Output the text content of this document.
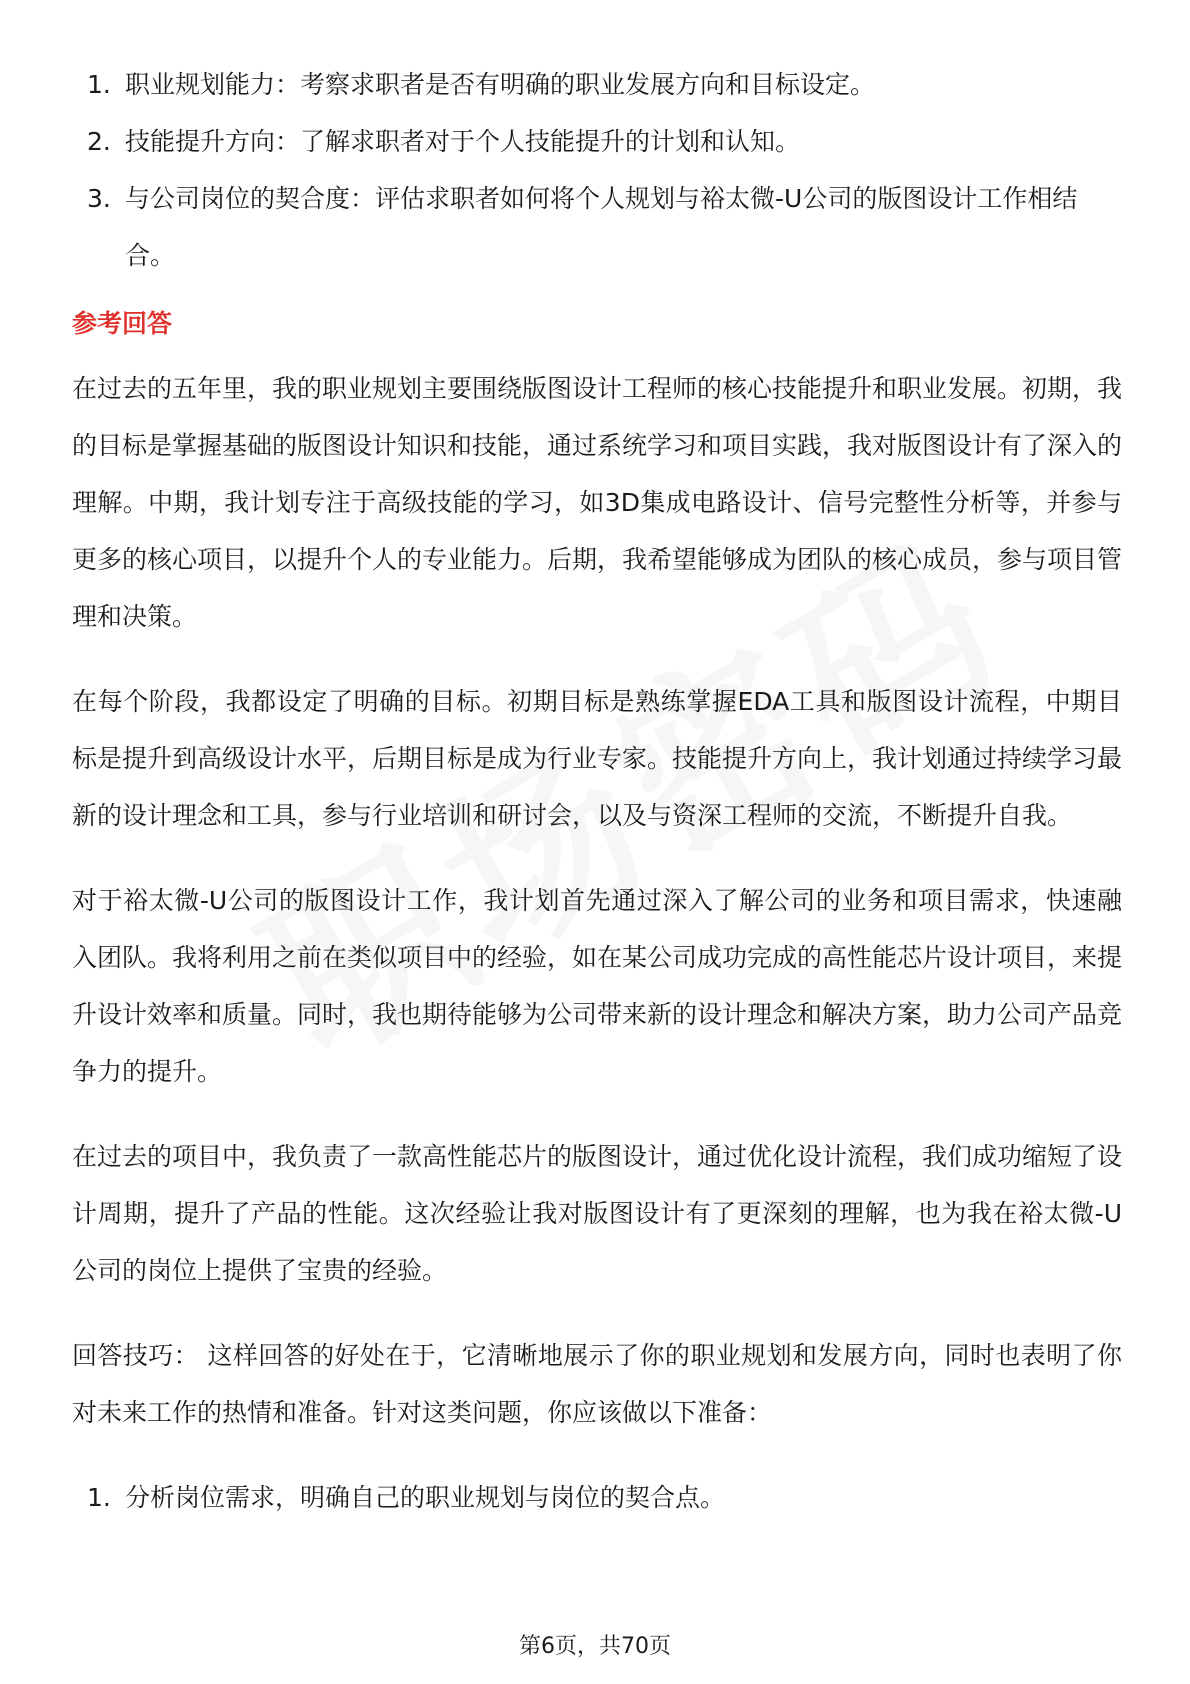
1. 职业规划能力：考察求职者是否有明确的职业发展方向和目标设定。
2. 技能提升方向：了解求职者对于个人技能提升的计划和认知。
3. 与公司岗位的契合度：评估求职者如何将个人规划与裕太微-U公司的版图设计工作相结合。
参考回答

在过去的五年里，我的职业规划主要围绕版图设计工程师的核心技能提升和职业发展。初期，我的目标是掌握基础的版图设计知识和技能，通过系统学习和项目实践，我对版图设计有了深入的理解。中期，我计划专注于高级技能的学习，如3D集成电路设计、信号完整性分析等，并参与更多的核心项目，以提升个人的专业能力。后期，我希望能够成为团队的核心成员，参与项目管理和决策。

在每个阶段，我都设定了明确的目标。初期目标是熟练掌握EDA工具和版图设计流程，中期目标是提升到高级设计水平，后期目标是成为行业专家。技能提升方向上，我计划通过持续学习最新的设计理念和工具，参与行业培训和研讨会，以及与资深工程师的交流，不断提升自我。

对于裕太微-U公司的版图设计工作，我计划首先通过深入了解公司的业务和项目需求，快速融入团队。我将利用之前在类似项目中的经验，如在某公司成功完成的高性能芯片设计项目，来提升设计效率和质量。同时，我也期待能够为公司带来新的设计理念和解决方案，助力公司产品竞争力的提升。

在过去的项目中，我负责了一款高性能芯片的版图设计，通过优化设计流程，我们成功缩短了设计周期，提升了产品的性能。这次经验让我对版图设计有了更深刻的理解，也为我在裕太微-U公司的岗位上提供了宝贵的经验。

回答技巧： 这样回答的好处在于，它清晰地展示了你的职业规划和发展方向，同时也表明了你对未来工作的热情和准备。针对这类问题，你应该做以下准备：

1. 分析岗位需求，明确自己的职业规划与岗位的契合点。
第6页，共70页
